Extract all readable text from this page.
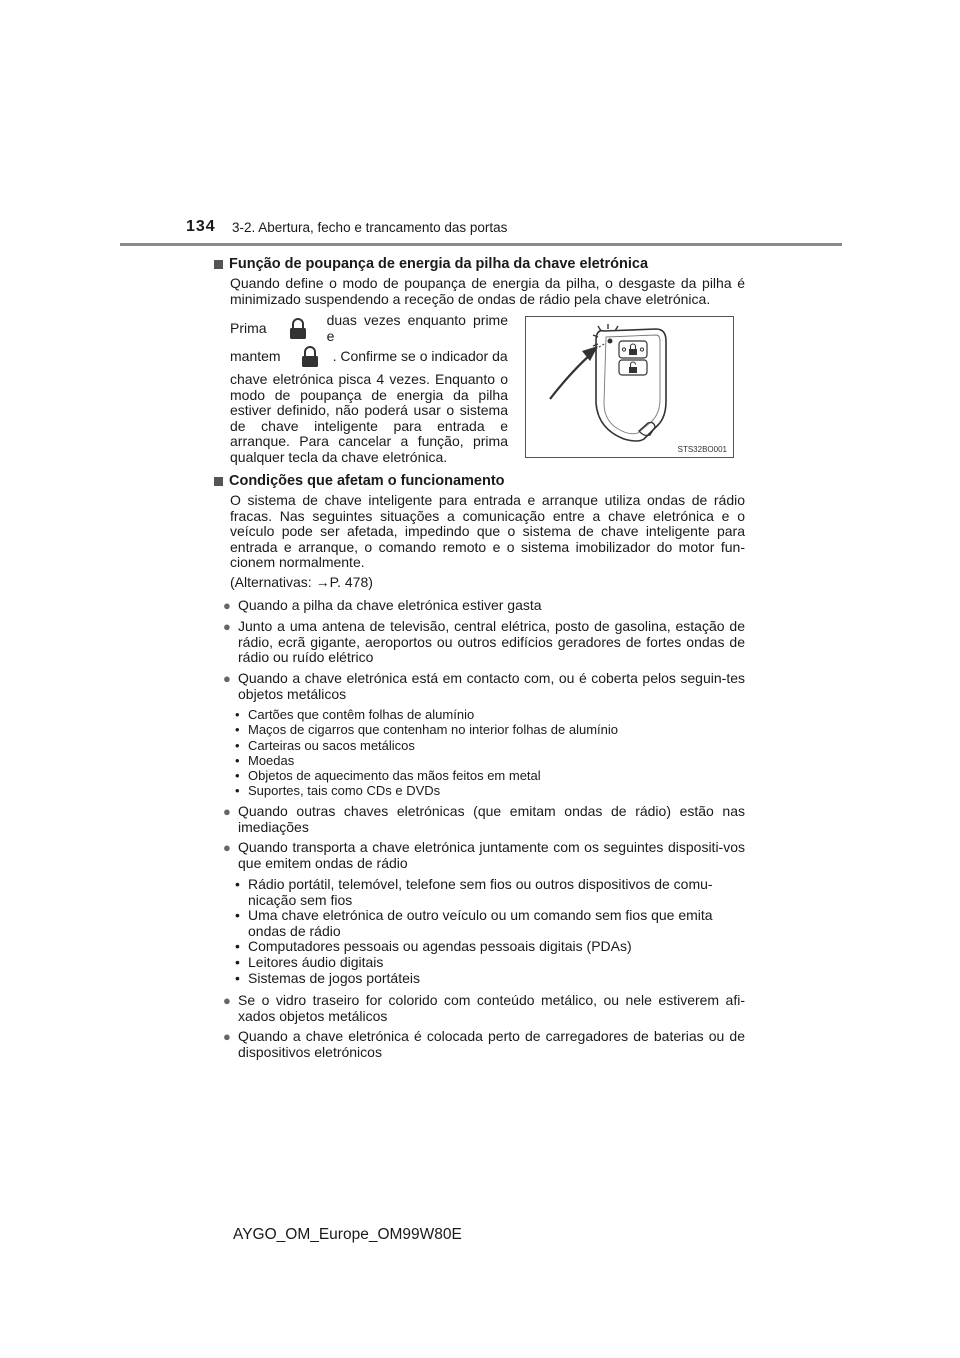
134 3-2. Abertura, fecho e trancamento das portas
Função de poupança de energia da pilha da chave eletrónica
Quando define o modo de poupança de energia da pilha, o desgaste da pilha é minimizado suspendendo a receção de ondas de rádio pela chave eletrónica.
Prima	duas vezes enquanto prime e
mantem	. Confirme se o indicador da
chave eletrónica pisca 4 vezes. Enquanto o modo de poupança de energia da pilha estiver definido, não poderá usar o sistema de chave inteligente para entrada e arranque. Para cancelar a função, prima qualquer tecla da chave eletrónica.	STS32BO001
Condições que afetam o funcionamento
O sistema de chave inteligente para entrada e arranque utiliza ondas de rádio fracas. Nas seguintes situações a comunicação entre a chave eletrónica e o veículo pode ser afetada, impedindo que o sistema de chave inteligente para entrada e arranque, o comando remoto e o sistema imobilizador do motor fun-cionem normalmente.
(Alternativas: →P. 478)
● Quando a pilha da chave eletrónica estiver gasta
● Junto a uma antena de televisão, central elétrica, posto de gasolina, estação de rádio, ecrã gigante, aeroportos ou outros edifícios geradores de fortes ondas de rádio ou ruído elétrico
● Quando a chave eletrónica está em contacto com, ou é coberta pelos seguin-tes objetos metálicos
• Cartões que contêm folhas de alumínio
• Maços de cigarros que contenham no interior folhas de alumínio
• Carteiras ou sacos metálicos
• Moedas
• Objetos de aquecimento das mãos feitos em metal
• Suportes, tais como CDs e DVDs
● Quando outras chaves eletrónicas (que emitam ondas de rádio) estão nas imediações
● Quando transporta a chave eletrónica juntamente com os seguintes dispositi-vos que emitem ondas de rádio
• Rádio portátil, telemóvel, telefone sem fios ou outros dispositivos de comu-nicação sem fios
• Uma chave eletrónica de outro veículo ou um comando sem fios que emita ondas de rádio
• Computadores pessoais ou agendas pessoais digitais (PDAs)
• Leitores áudio digitais
• Sistemas de jogos portáteis
● Se o vidro traseiro for colorido com conteúdo metálico, ou nele estiverem afi-xados objetos metálicos
● Quando a chave eletrónica é colocada perto de carregadores de baterias ou de dispositivos eletrónicos
AYGO_OM_Europe_OM99W80E
